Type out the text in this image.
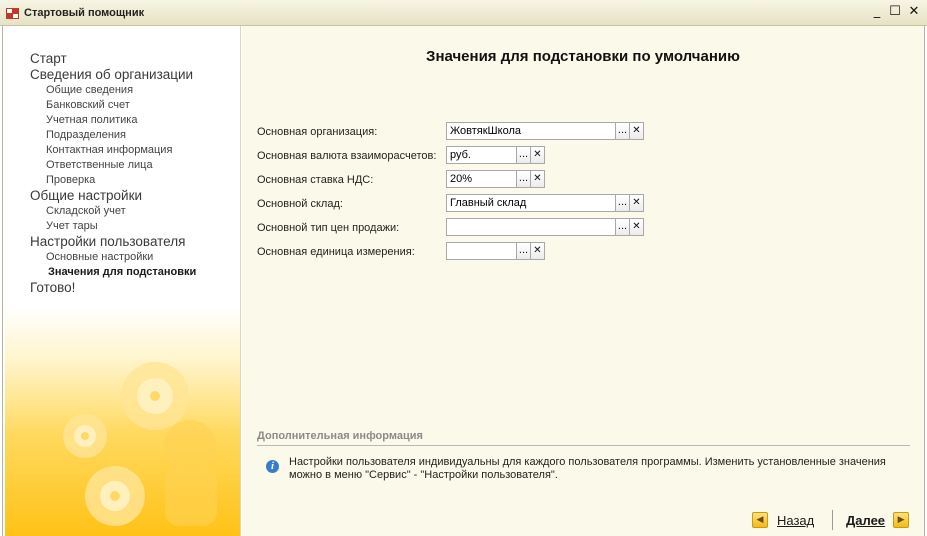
Стартовый помощник	_ ☐ ✕
Старт
Сведения об организации
Общие сведения
Банковский счет
Учетная политика
Подразделения
Контактная информация
Ответственные лица
Проверка
Общие настройки
Складской учет
Учет тары
Настройки пользователя
Основные настройки
Значения для подстановки
Готово!
Значения для подстановки по умолчанию
Основная организация:
ЖовтякШкола	... ✕
Основная валюта взаиморасчетов:
руб.	... ✕
Основная ставка НДС:
20%	... ✕
Основной склад:
Главный склад	... ✕
Основной тип цен продажи:	... ✕
Основная единица измерения:	... ✕
Дополнительная информация
i	Настройки пользователя индивидуальны для каждого пользователя программы. Изменить установленные значения можно в меню "Сервис" - "Настройки пользователя".
◀	Назад Далее	▶
